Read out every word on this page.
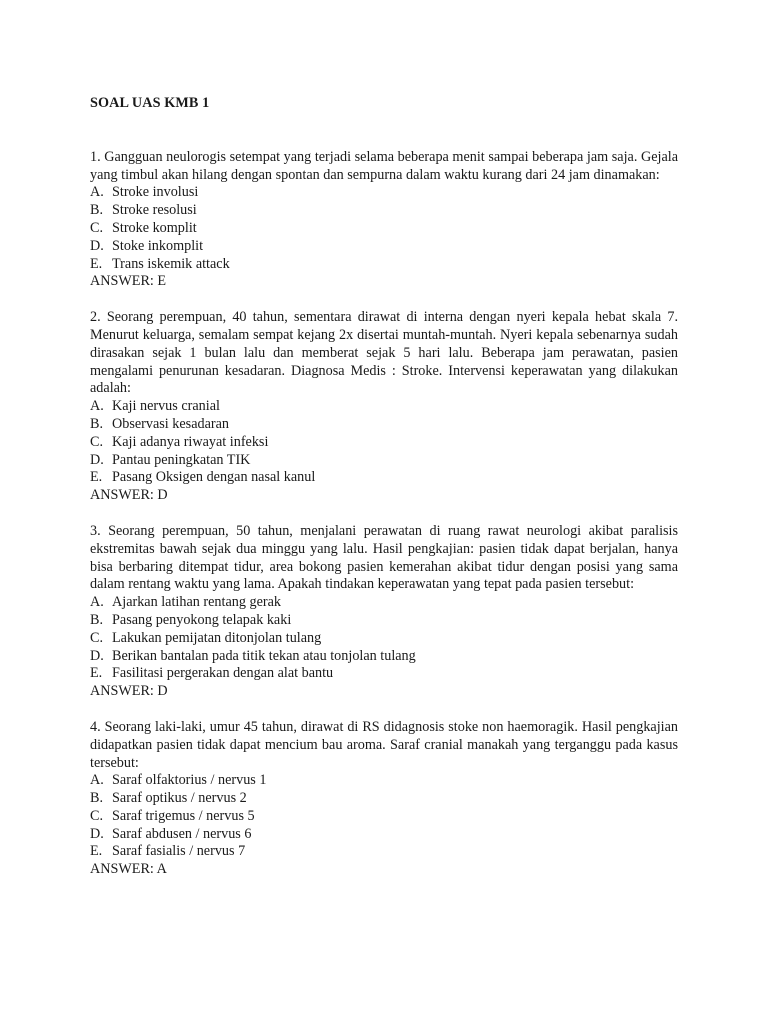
SOAL UAS KMB 1

1. Gangguan neulorogis setempat yang terjadi selama beberapa menit sampai beberapa jam saja. Gejala yang timbul akan hilang dengan spontan dan sempurna dalam waktu kurang dari 24 jam dinamakan:

A. Stroke involusi
B. Stroke resolusi
C. Stroke komplit
D. Stoke inkomplit
E. Trans iskemik attack

ANSWER: E

2. Seorang perempuan, 40 tahun, sementara dirawat di interna dengan nyeri kepala hebat skala 7. Menurut keluarga, semalam sempat kejang 2x disertai muntah-muntah. Nyeri kepala sebenarnya sudah dirasakan sejak 1 bulan lalu dan memberat sejak 5 hari lalu. Beberapa jam perawatan, pasien mengalami penurunan kesadaran. Diagnosa Medis : Stroke. Intervensi keperawatan yang dilakukan adalah:

A. Kaji nervus cranial
B. Observasi kesadaran
C. Kaji adanya riwayat infeksi
D. Pantau peningkatan TIK
E. Pasang Oksigen dengan nasal kanul

ANSWER: D

3. Seorang perempuan, 50 tahun, menjalani perawatan di ruang rawat neurologi akibat paralisis ekstremitas bawah sejak dua minggu yang lalu. Hasil pengkajian: pasien tidak dapat berjalan, hanya bisa berbaring ditempat tidur, area bokong pasien kemerahan akibat tidur dengan posisi yang sama dalam rentang waktu yang lama. Apakah tindakan keperawatan yang tepat pada pasien tersebut:

A. Ajarkan latihan rentang gerak
B. Pasang penyokong telapak kaki
C. Lakukan pemijatan ditonjolan tulang
D. Berikan bantalan pada titik tekan atau tonjolan tulang
E. Fasilitasi pergerakan dengan alat bantu

ANSWER: D

4. Seorang laki-laki, umur 45 tahun, dirawat di RS didagnosis stoke non haemoragik. Hasil pengkajian didapatkan pasien tidak dapat mencium bau aroma. Saraf cranial manakah yang terganggu pada kasus tersebut:

A. Saraf olfaktorius / nervus 1
B. Saraf optikus / nervus 2
C. Saraf trigemus / nervus 5
D. Saraf abdusen / nervus 6
E. Saraf fasialis / nervus 7

ANSWER: A
